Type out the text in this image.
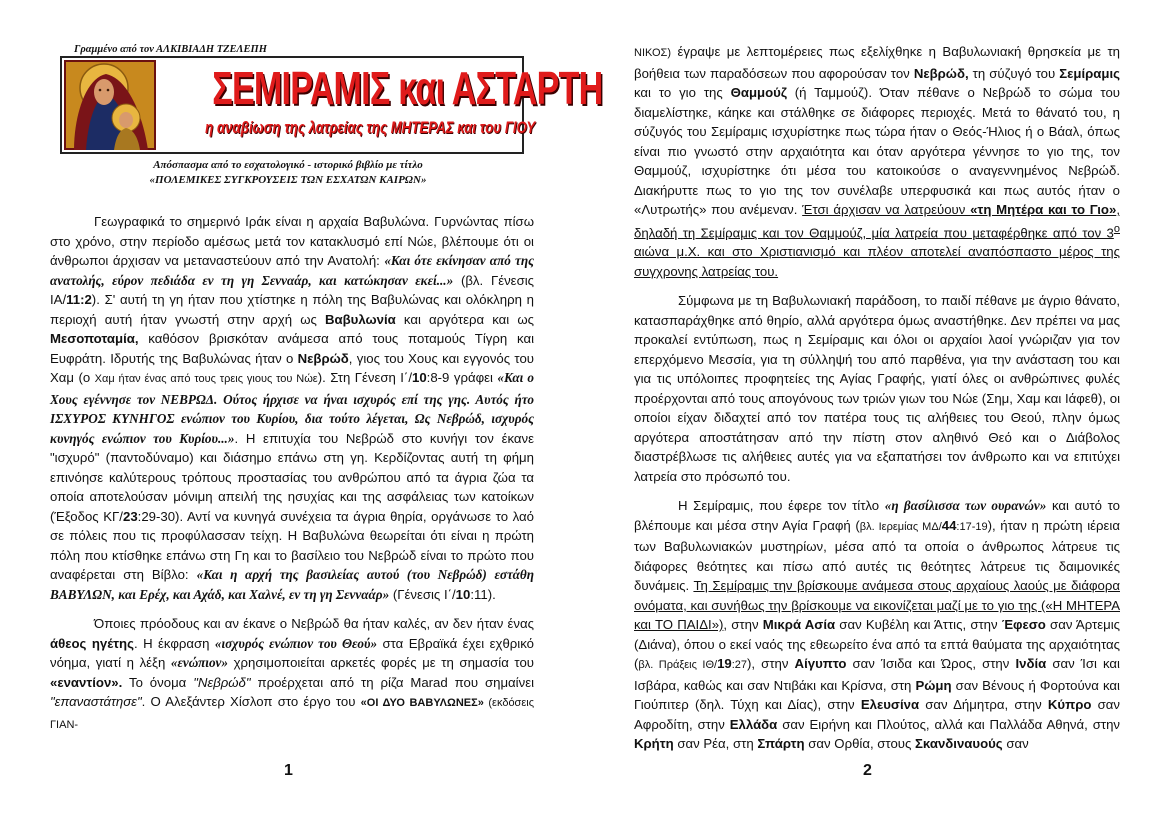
Γραμμένο από τον ΑΛΚΙΒΙΑΔΗ ΤΖΕΛΕΠΗ
ΣΕΜΙΡΑΜΙΣ και ΑΣΤΑΡΤΗ
η αναβίωση της λατρείας της ΜΗΤΕΡΑΣ και του ΓΙΟΥ
Απόσπασμα από το εσχατολογικό - ιστορικό βιβλίο με τίτλο
«ΠΟΛΕΜΙΚΕΣ ΣΥΓΚΡΟΥΣΕΙΣ ΤΩΝ ΕΣΧΑΤΩΝ ΚΑΙΡΩΝ»

Γεωγραφικά το σημερινό Ιράκ είναι η αρχαία Βαβυλώνα. Γυρνώντας πίσω στο χρόνο, στην περίοδο αμέσως μετά τον κατακλυσμό επί Νώε, βλέπουμε ότι οι άνθρωποι άρχισαν να μεταναστεύουν από την Ανατολή: «Και ότε εκίνησαν από της ανατολής, εύρον πεδιάδα εν τη γη Σενναάρ, και κατώκησαν εκεί...» (βλ. Γένεσις ΙΑ/11:2). Σ' αυτή τη γη ήταν που χτίστηκε η πόλη της Βαβυλώνας και ολόκληρη η περιοχή αυτή ήταν γνωστή στην αρχή ως Βαβυλωνία και αργότερα και ως Μεσοποταμία, καθόσον βρισκόταν ανάμεσα από τους ποταμούς Τίγρη και Ευφράτη. Ιδρυτής της Βαβυλώνας ήταν ο Νεβρώδ, γιος του Χους και εγγονός του Χαμ (ο Χαμ ήταν ένας από τους τρεις γιους του Νώε). Στη Γένεση Ι΄/10:8-9 γράφει «Και ο Χους εγέννησε τον ΝΕΒΡΩΔ. Ούτος ήρχισε να ήναι ισχυρός επί της γης. Αυτός ήτο ΙΣΧΥΡΟΣ ΚΥΝΗΓΟΣ ενώπιον του Κυρίου, δια τούτο λέγεται, Ως Νεβρώδ, ισχυρός κυνηγός ενώπιον του Κυρίου...». Η επιτυχία του Νεβρώδ στο κυνήγι τον έκανε "ισχυρό" (παντοδύναμο) και διάσημο επάνω στη γη. Κερδίζοντας αυτή τη φήμη επινόησε καλύτερους τρόπους προστασίας του ανθρώπου από τα άγρια ζώα τα οποία αποτελούσαν μόνιμη απειλή της ησυχίας και της ασφάλειας των κατοίκων (Έξοδος ΚΓ/23:29-30). Αντί να κυνηγά συνέχεια τα άγρια θηρία, οργάνωσε το λαό σε πόλεις που τις προφύλασσαν τείχη. Η Βαβυλώνα θεωρείται ότι είναι η πρώτη πόλη που κτίσθηκε επάνω στη Γη και το βασίλειο του Νεβρώδ είναι το πρώτο που αναφέρεται στη Βίβλο: «Και η αρχή της βασιλείας αυτού (του Νεβρώδ) εστάθη ΒΑΒΥΛΩΝ, και Ερέχ, και Αχάδ, και Χαλνέ, εν τη γη Σενναάρ» (Γένεσις Ι΄/10:11).

Όποιες πρόοδους και αν έκανε ο Νεβρώδ θα ήταν καλές, αν δεν ήταν ένας άθεος ηγέτης. Η έκφραση «ισχυρός ενώπιον του Θεού» στα Εβραϊκά έχει εχθρικό νόημα, γιατί η λέξη «ενώπιον» χρησιμοποιείται αρκετές φορές με τη σημασία του «εναντίον». Το όνομα "Νεβρώδ" προέρχεται από τη ρίζα Marad που σημαίνει "επαναστάτησε". Ο Αλεξάντερ Χίσλοπ στο έργο του «ΟΙ ΔΥΟ ΒΑΒΥΛΩΝΕΣ» (εκδόσεις ΓΙΑΝ-

1

ΝΙΚΟΣ) έγραψε με λεπτομέρειες πως εξελίχθηκε η Βαβυλωνιακή θρησκεία με τη βοήθεια των παραδόσεων που αφορούσαν τον Νεβρώδ, τη σύζυγό του Σεμίραμις και το γιο της Θαμμούζ (ή Ταμμούζ). Όταν πέθανε ο Νεβρώδ το σώμα του διαμελίστηκε, κάηκε και στάλθηκε σε διάφορες περιοχές. Μετά το θάνατό του, η σύζυγός του Σεμίραμις ισχυρίστηκε πως τώρα ήταν ο Θεός-Ήλιος ή ο Βάαλ, όπως είναι πιο γνωστό στην αρχαιότητα και όταν αργότερα γέννησε το γιο της, τον Θαμμούζ, ισχυρίστηκε ότι μέσα του κατοικούσε ο αναγεννημένος Νεβρώδ. Διακήρυττε πως το γιο της τον συνέλαβε υπερφυσικά και πως αυτός ήταν ο «Λυτρωτής» που ανέμεναν. Έτσι άρχισαν να λατρεύουν «τη Μητέρα και το Γιο», δηλαδή τη Σεμίραμις και τον Θαμμούζ, μία λατρεία που μεταφέρθηκε από τον $3^o$ αιώνα μ.Χ. και στο Χριστιανισμό και πλέον αποτελεί αναπόσπαστο μέρος της συγχρονης λατρείας του.

Σύμφωνα με τη Βαβυλωνιακή παράδοση, το παιδί πέθανε με άγριο θάνατο, κατασπαράχθηκε από θηρίο, αλλά αργότερα όμως αναστήθηκε. Δεν πρέπει να μας προκαλεί εντύπωση, πως η Σεμίραμις και όλοι οι αρχαίοι λαοί γνώριζαν για τον επερχόμενο Μεσσία, για τη σύλληψή του από παρθένα, για την ανάσταση του και για τις υπόλοιπες προφητείες της Αγίας Γραφής, γιατί όλες οι ανθρώπινες φυλές προέρχονται από τους απογόνους των τριών γιων του Νώε (Σημ, Χαμ και Ιάφεθ), οι οποίοι είχαν διδαχτεί από τον πατέρα τους τις αλήθειες του Θεού, πλην όμως αργότερα αποστάτησαν από την πίστη στον αληθινό Θεό και ο Διάβολος διαστρέβλωσε τις αλήθειες αυτές για να εξαπατήσει τον άνθρωπο και να επιτύχει λατρεία στο πρόσωπό του.

Η Σεμίραμις, που έφερε τον τίτλο «η βασίλισσα των ουρανών» και αυτό το βλέπουμε και μέσα στην Αγία Γραφή (βλ. Ιερεμίας ΜΔ/44:17-19), ήταν η πρώτη ιέρεια των Βαβυλωνιακών μυστηρίων, μέσα από τα οποία ο άνθρωπος λάτρευε τις διάφορες θεότητες και πίσω από αυτές τις θεότητες λάτρευε τις δαιμονικές δυνάμεις. Τη Σεμίραμις την βρίσκουμε ανάμεσα στους αρχαίους λαούς με διάφορα ονόματα, και συνήθως την βρίσκουμε να εικονίζεται μαζί με το γιο της («Η ΜΗΤΕΡΑ και ΤΟ ΠΑΙΔΙ»), στην Μικρά Ασία σαν Κυβέλη και Άττις, στην Έφεσο σαν Άρτεμις (Διάνα), όπου ο εκεί ναός της εθεωρείτο ένα από τα επτά θαύματα της αρχαιότητας (βλ. Πράξεις ΙΘ/19:27), στην Αίγυπτο σαν Ίσιδα και Ώρος, στην Ινδία σαν Ίσι και Ισβάρα, καθώς και σαν Ντιβάκι και Κρίσνα, στη Ρώμη σαν Βένους ή Φορτούνα και Γιούπιτερ (δηλ. Τύχη και Δίας), στην Ελευσίνα σαν Δήμητρα, στην Κύπρο σαν Αφροδίτη, στην Ελλάδα σαν Ειρήνη και Πλούτος, αλλά και Παλλάδα Αθηνά, στην Κρήτη σαν Ρέα, στη Σπάρτη σαν Ορθία, στους Σκανδιναυούς σαν

2
